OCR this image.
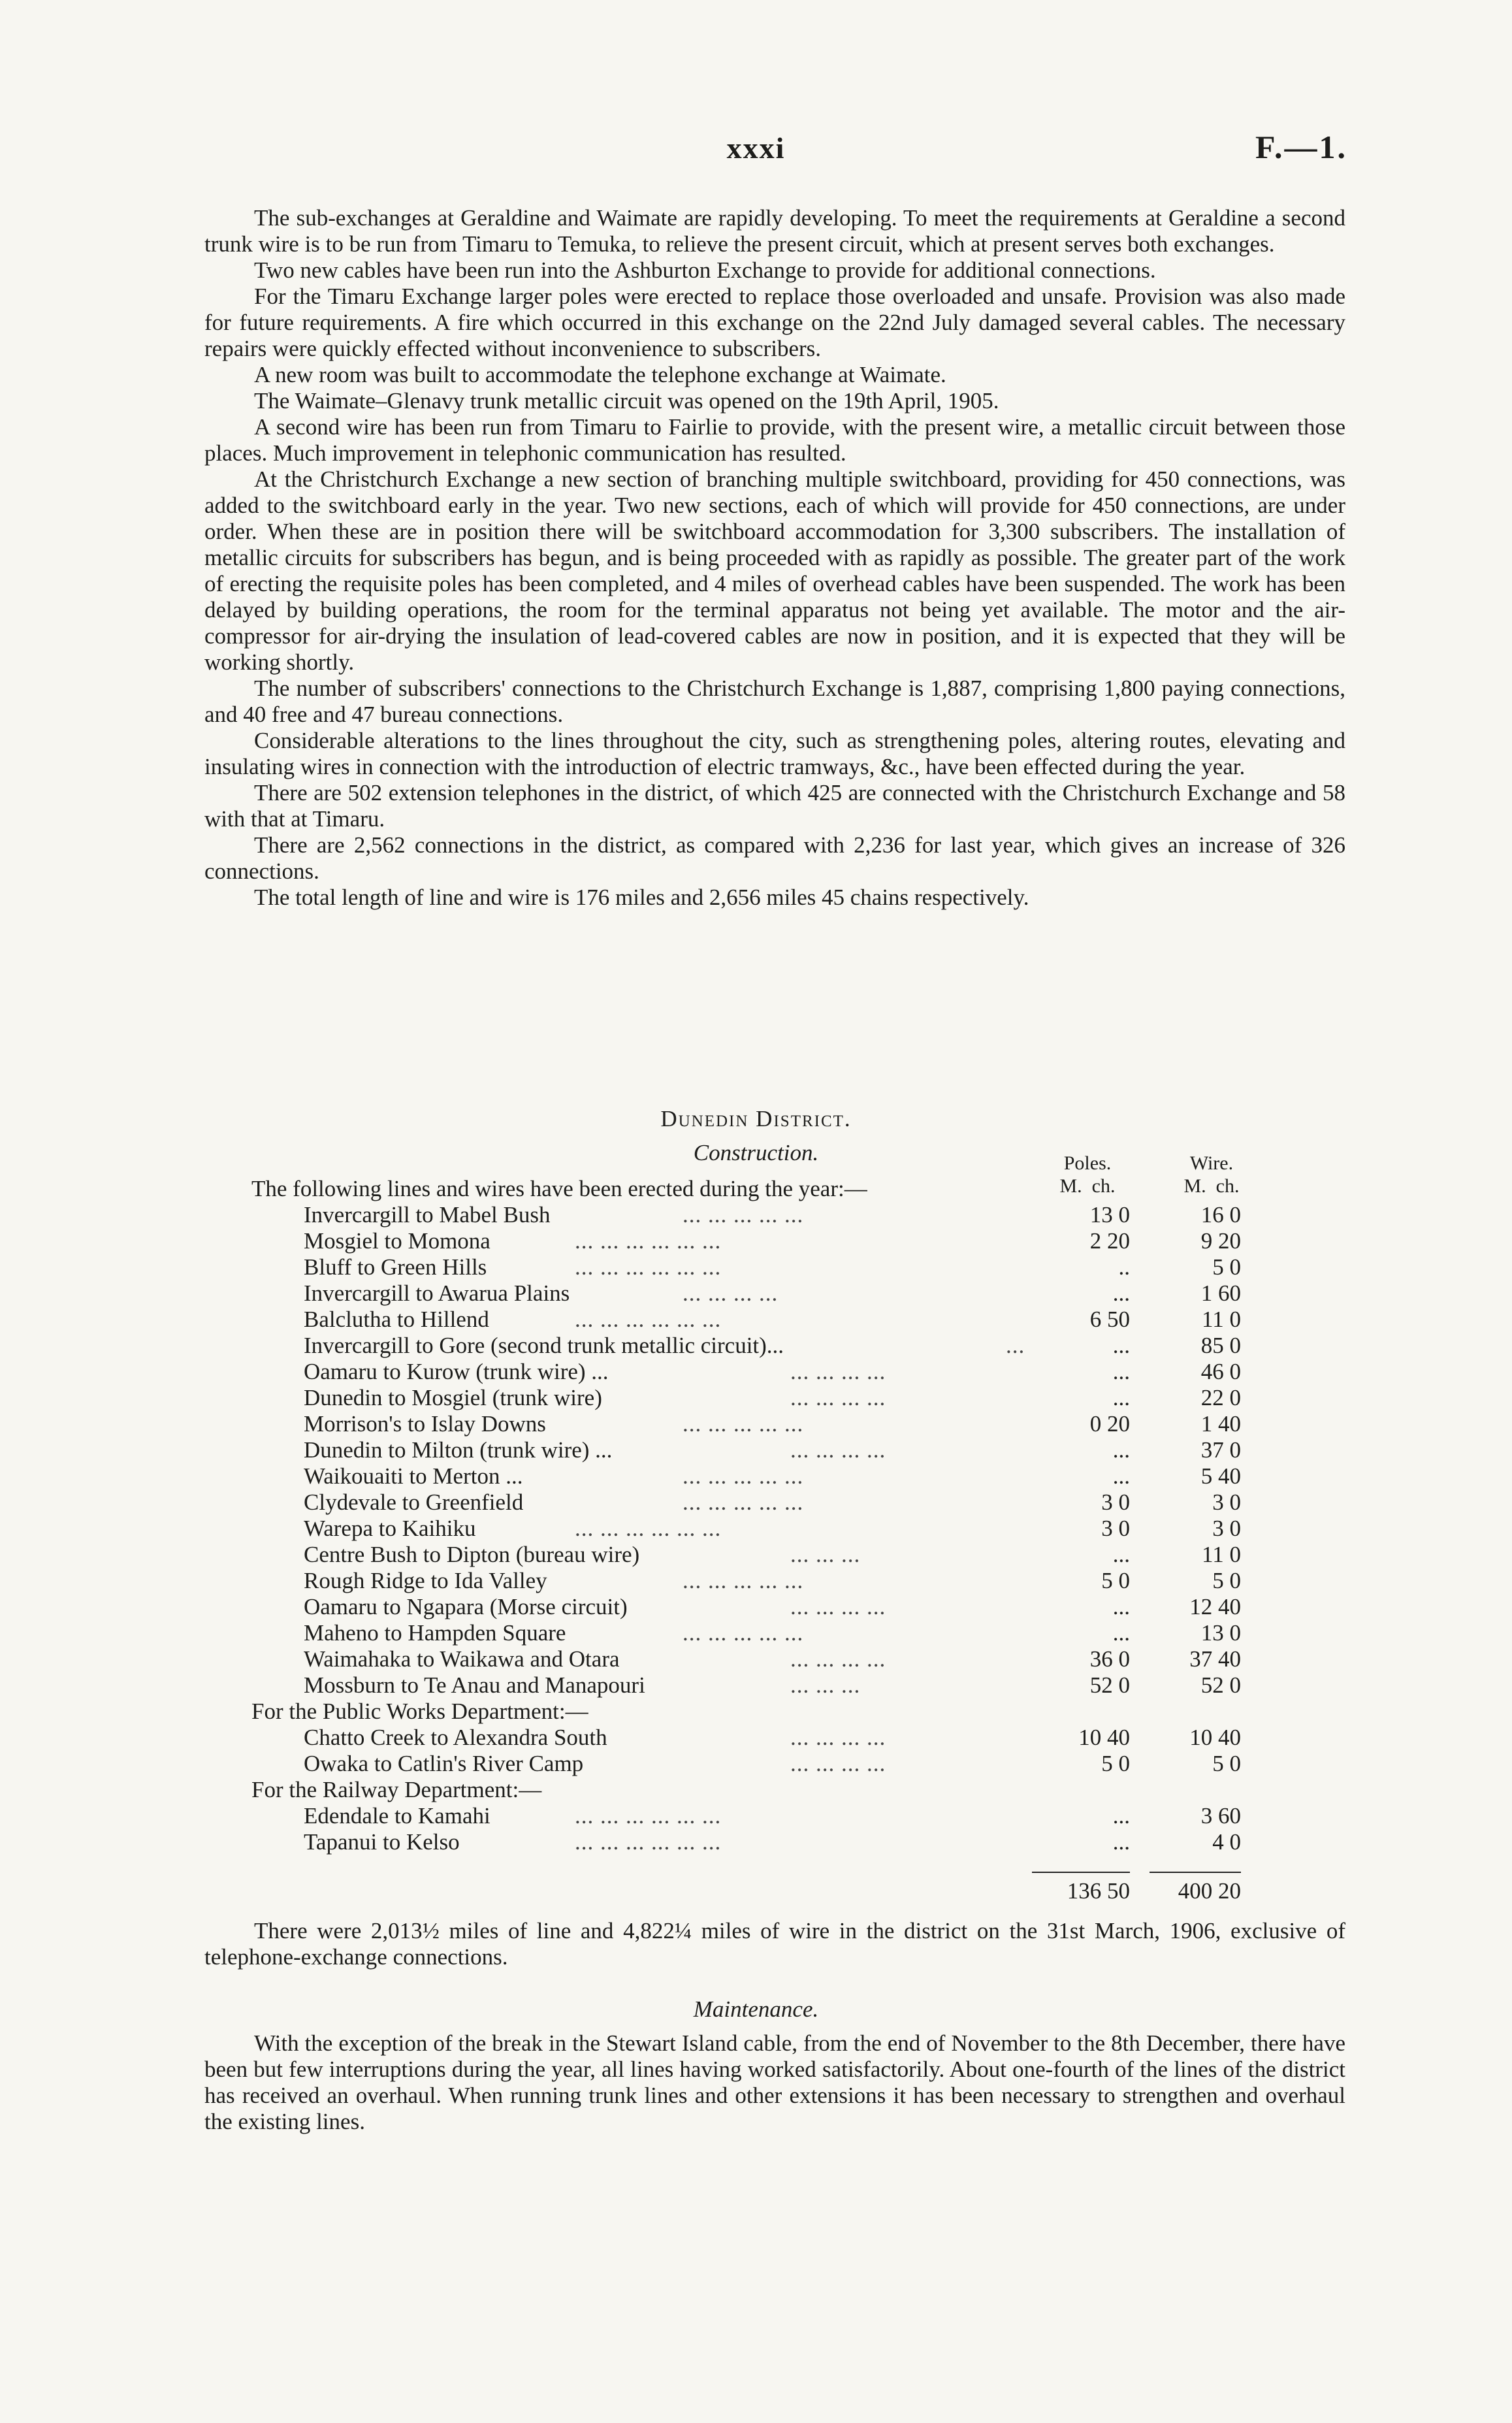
xxxi	F.—1.

The sub-exchanges at Geraldine and Waimate are rapidly developing. To meet the requirements at Geraldine a second trunk wire is to be run from Timaru to Temuka, to relieve the present circuit, which at present serves both exchanges.

Two new cables have been run into the Ashburton Exchange to provide for additional connections.

For the Timaru Exchange larger poles were erected to replace those overloaded and unsafe. Provision was also made for future requirements. A fire which occurred in this exchange on the 22nd July damaged several cables. The necessary repairs were quickly effected without inconvenience to subscribers.

A new room was built to accommodate the telephone exchange at Waimate.

The Waimate–Glenavy trunk metallic circuit was opened on the 19th April, 1905.

A second wire has been run from Timaru to Fairlie to provide, with the present wire, a metallic circuit between those places. Much improvement in telephonic communication has resulted.

At the Christchurch Exchange a new section of branching multiple switchboard, providing for 450 connections, was added to the switchboard early in the year. Two new sections, each of which will provide for 450 connections, are under order. When these are in position there will be switchboard accommodation for 3,300 subscribers. The installation of metallic circuits for subscribers has begun, and is being proceeded with as rapidly as possible. The greater part of the work of erecting the requisite poles has been completed, and 4 miles of overhead cables have been suspended. The work has been delayed by building operations, the room for the terminal apparatus not being yet available. The motor and the air-compressor for air-drying the insulation of lead-covered cables are now in position, and it is expected that they will be working shortly.

The number of subscribers' connections to the Christchurch Exchange is 1,887, comprising 1,800 paying connections, and 40 free and 47 bureau connections.

Considerable alterations to the lines throughout the city, such as strengthening poles, altering routes, elevating and insulating wires in connection with the introduction of electric tramways, &c., have been effected during the year.

There are 502 extension telephones in the district, of which 425 are connected with the Christchurch Exchange and 58 with that at Timaru.

There are 2,562 connections in the district, as compared with 2,236 for last year, which gives an increase of 326 connections.

The total length of line and wire is 176 miles and 2,656 miles 45 chains respectively.

Dunedin District.
Construction.	Poles.	Wire.
M.  ch.	M.  ch.
The following lines and wires have been erected during the year:—
Invercargill to Mabel Bush	... ... ... ... ...	13 0	16 0
Mosgiel to Momona	... ... ... ... ... ...	2 20	9 20
Bluff to Green Hills	... ... ... ... ... ...	..	5 0
Invercargill to Awarua Plains	... ... ... ...	...	1 60
Balclutha to Hillend	... ... ... ... ... ...	6 50	11 0
Invercargill to Gore (second trunk metallic circuit)...	...	...	85 0
Oamaru to Kurow (trunk wire) ...	... ... ... ...	...	46 0
Dunedin to Mosgiel (trunk wire)	... ... ... ...	...	22 0
Morrison's to Islay Downs	... ... ... ... ...	0 20	1 40
Dunedin to Milton (trunk wire) ...	... ... ... ...	...	37 0
Waikouaiti to Merton ...	... ... ... ... ...	...	5 40
Clydevale to Greenfield	... ... ... ... ...	3 0	3 0
Warepa to Kaihiku	... ... ... ... ... ...	3 0	3 0
Centre Bush to Dipton (bureau wire)	... ... ...	...	11 0
Rough Ridge to Ida Valley	... ... ... ... ...	5 0	5 0
Oamaru to Ngapara (Morse circuit)	... ... ... ...	...	12 40
Maheno to Hampden Square	... ... ... ... ...	...	13 0
Waimahaka to Waikawa and Otara	... ... ... ...	36 0	37 40
Mossburn to Te Anau and Manapouri	... ... ...	52 0	52 0
For the Public Works Department:—
Chatto Creek to Alexandra South	... ... ... ...	10 40	10 40
Owaka to Catlin's River Camp	... ... ... ...	5 0	5 0
For the Railway Department:—
Edendale to Kamahi	... ... ... ... ... ...	...	3 60
Tapanui to Kelso	... ... ... ... ... ...	...	4 0
136 50	400 20

There were 2,013½ miles of line and 4,822¼ miles of wire in the district on the 31st March, 1906, exclusive of telephone-exchange connections.

Maintenance.

With the exception of the break in the Stewart Island cable, from the end of November to the 8th December, there have been but few interruptions during the year, all lines having worked satisfactorily. About one-fourth of the lines of the district has received an overhaul. When running trunk lines and other extensions it has been necessary to strengthen and overhaul the existing lines.
